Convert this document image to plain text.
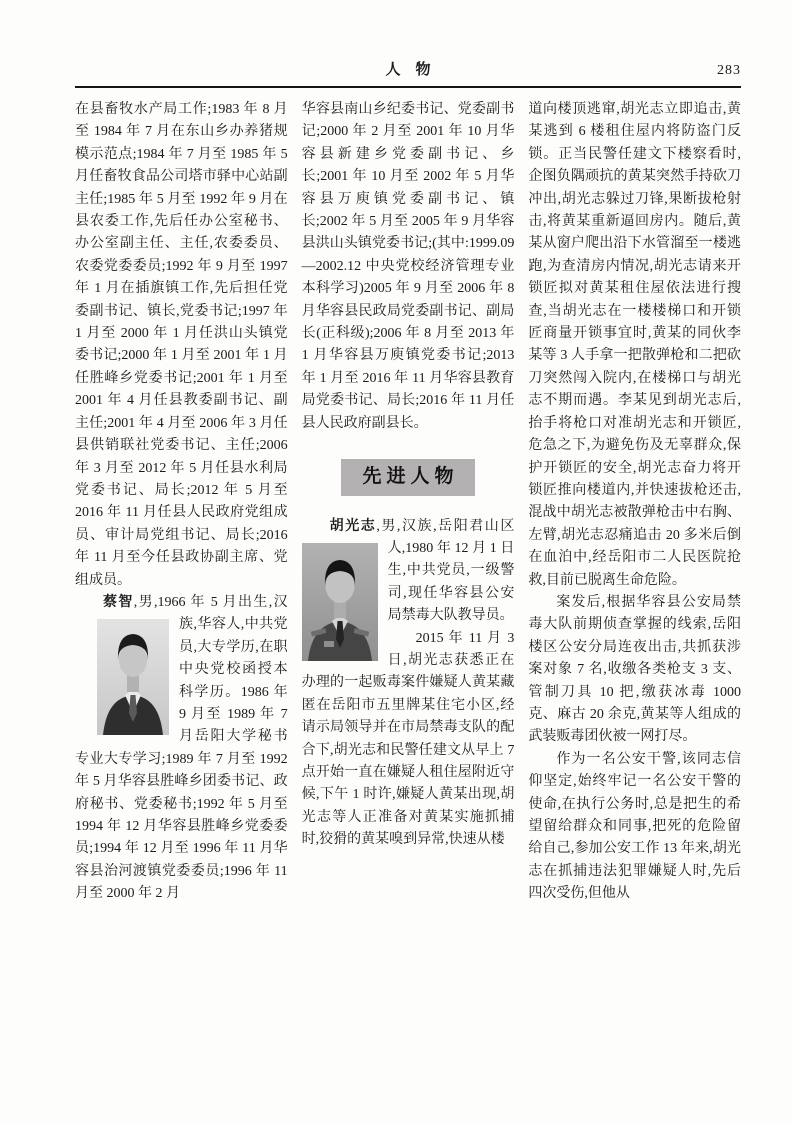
人　物	283

在县畜牧水产局工作;1983 年 8 月至 1984 年 7 月在东山乡办养猪规模示范点;1984 年 7 月至 1985 年 5 月任畜牧食品公司塔市驿中心站副主任;1985 年 5 月至 1992 年 9 月在县农委工作,先后任办公室秘书、办公室副主任、主任,农委委员、农委党委委员;1992 年 9 月至 1997 年 1 月在插旗镇工作,先后担任党委副书记、镇长,党委书记;1997 年 1 月至 2000 年 1 月任洪山头镇党委书记;2000 年 1 月至 2001 年 1 月任胜峰乡党委书记;2001 年 1 月至 2001 年 4 月任县教委副书记、副主任;2001 年 4 月至 2006 年 3 月任县供销联社党委书记、主任;2006 年 3 月至 2012 年 5 月任县水利局党委书记、局长;2012 年 5 月至 2016 年 11 月任县人民政府党组成员、审计局党组书记、局长;2016 年 11 月至今任县政协副主席、党组成员。

蔡智,男,1966 年 5 月出生,
汉族,华容人,中共党员,大专学历,在职中央党校函授本科学历。1986 年 9 月至 1989 年 7 月岳阳大学秘书专业大专学习;1989 年 7 月至 1992 年 5 月华容县胜峰乡团委书记、政府秘书、党委秘书;1992 年 5 月至 1994 年 12 月华容县胜峰乡党委委员;1994 年 12 月至 1996 年 11 月华容县治河渡镇党委委员;1996 年 11 月至 2000 年 2 月

华容县南山乡纪委书记、党委副书记;2000 年 2 月至 2001 年 10 月华容县新建乡党委副书记、乡长;2001 年 10 月至 2002 年 5 月华容县万庾镇党委副书记、镇长;2002 年 5 月至 2005 年 9 月华容县洪山头镇党委书记;(其中:1999.09—2002.12 中央党校经济管理专业本科学习)2005 年 9 月至 2006 年 8 月华容县民政局党委副书记、副局长(正科级);2006 年 8 月至 2013 年 1 月华容县万庾镇党委书记;2013 年 1 月至 2016 年 11 月华容县教育局党委书记、局长;2016 年 11 月任县人民政府副县长。

先进人物

胡光志,男,汉族,岳阳君山
区人,1980 年 12 月 1 日生,中共党员,一级警司,现任华容县公安局禁毒大队教导员。

2015 年 11 月 3 日,胡光志获悉正在办理的一起贩毒案件嫌疑人黄某藏匿在岳阳市五里牌某住宅小区,经请示局领导并在市局禁毒支队的配合下,胡光志和民警任建文从早上 7 点开始一直在嫌疑人租住屋附近守候,下午 1 时许,嫌疑人黄某出现,胡光志等人正准备对黄某实施抓捕时,狡猾的黄某嗅到异常,快速从楼

道向楼顶逃窜,胡光志立即追击,黄某逃到 6 楼租住屋内将防盗门反锁。正当民警任建文下楼察看时,企图负隅顽抗的黄某突然手持砍刀冲出,胡光志躲过刀锋,果断拔枪射击,将黄某重新逼回房内。随后,黄某从窗户爬出沿下水管溜至一楼逃跑,为查清房内情况,胡光志请来开锁匠拟对黄某租住屋依法进行搜查,当胡光志在一楼楼梯口和开锁匠商量开锁事宜时,黄某的同伙李某等 3 人手拿一把散弹枪和二把砍刀突然闯入院内,在楼梯口与胡光志不期而遇。李某见到胡光志后,抬手将枪口对准胡光志和开锁匠,危急之下,为避免伤及无辜群众,保护开锁匠的安全,胡光志奋力将开锁匠推向楼道内,并快速拔枪还击,混战中胡光志被散弹枪击中右胸、左臂,胡光志忍痛追击 20 多米后倒在血泊中,经岳阳市二人民医院抢救,目前已脱离生命危险。

案发后,根据华容县公安局禁毒大队前期侦查掌握的线索,岳阳楼区公安分局连夜出击,共抓获涉案对象 7 名,收缴各类枪支 3 支、管制刀具 10 把,缴获冰毒 1000 克、麻古 20 余克,黄某等人组成的武装贩毒团伙被一网打尽。

作为一名公安干警,该同志信仰坚定,始终牢记一名公安干警的使命,在执行公务时,总是把生的希望留给群众和同事,把死的危险留给自己,参加公安工作 13 年来,胡光志在抓捕违法犯罪嫌疑人时,先后四次受伤,但他从
